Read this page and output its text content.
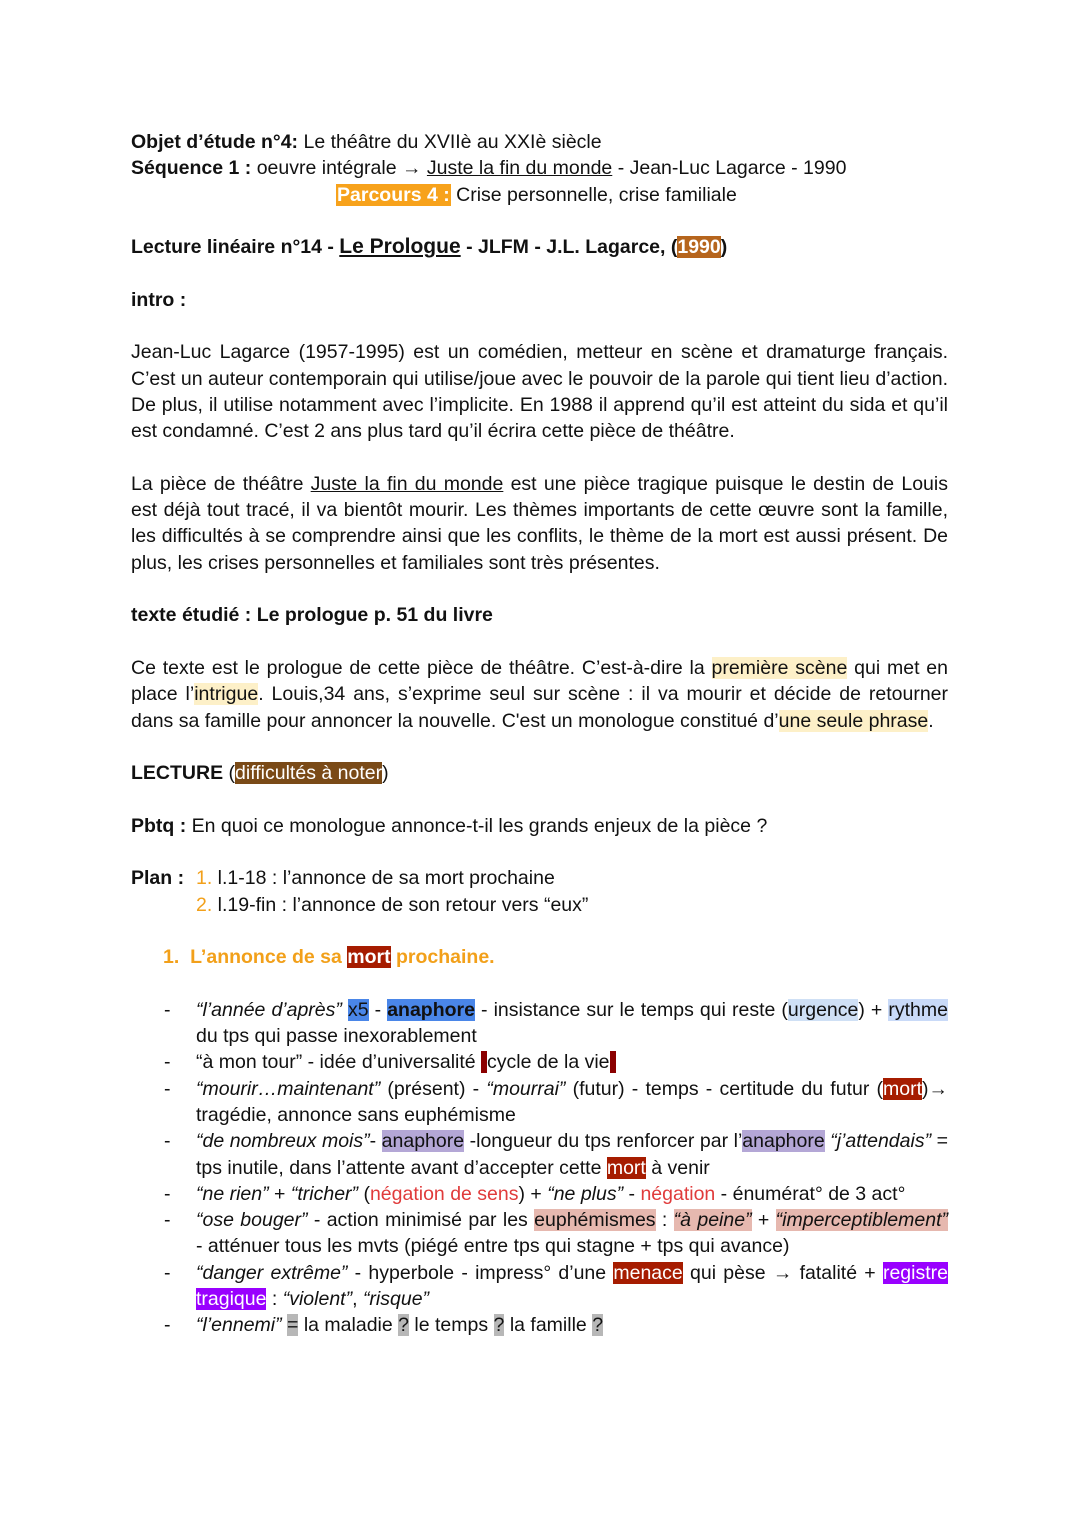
Objet d’étude n°4: Le théâtre du XVIIè au XXIè siècle

Séquence 1 : oeuvre intégrale → Juste la fin du monde - Jean-Luc Lagarce - 1990

Parcours 4 : Crise personnelle, crise familiale

Lecture linéaire n°14 - Le Prologue - JLFM - J.L. Lagarce, (1990)

intro :

Jean-Luc Lagarce (1957-1995) est un comédien, metteur en scène et dramaturge français. C’est un auteur contemporain qui utilise/joue avec le pouvoir de la parole qui tient lieu d’action. De plus, il utilise notamment avec l’implicite. En 1988 il apprend qu’il est atteint du sida et qu’il est condamné. C’est 2 ans plus tard qu’il écrira cette pièce de théâtre.

La pièce de théâtre Juste la fin du monde est une pièce tragique puisque le destin de Louis est déjà tout tracé, il va bientôt mourir. Les thèmes importants de cette œuvre sont la famille, les difficultés à se comprendre ainsi que les conflits, le thème de la mort est aussi présent. De plus, les crises personnelles et familiales sont très présentes.

texte étudié : Le prologue p. 51 du livre

Ce texte est le prologue de cette pièce de théâtre. C’est-à-dire la première scène qui met en place l’intrigue. Louis,34 ans, s’exprime seul sur scène : il va mourir et décide de retourner dans sa famille pour annoncer la nouvelle. C'est un monologue constitué d’une seule phrase.

LECTURE (difficultés à noter)

Pbtq : En quoi ce monologue annonce-t-il les grands enjeux de la pièce ?

Plan : 1. l.1-18 : l’annonce de sa mort prochaine

2. l.19-fin : l’annonce de son retour vers “eux”

1.  L’annonce de sa mort prochaine.

- “l’année d’après” x5 - anaphore - insistance sur le temps qui reste (urgence) + rythme du tps qui passe inexorablement
- “à mon tour” - idée d’universalité cycle de la vie
- “mourir…maintenant” (présent) - “mourrai” (futur) - temps - certitude du futur (mort)→ tragédie, annonce sans euphémisme
- “de nombreux mois”- anaphore -longueur du tps renforcer par l’anaphore “j’attendais” = tps inutile, dans l’attente avant d’accepter cette mort à venir
- “ne rien” + “tricher” (négation de sens) + “ne plus” - négation - énumérat° de 3 act°
- “ose bouger” - action minimisé par les euphémismes : “à peine” + “imperceptiblement” - atténuer tous les mvts (piégé entre tps qui stagne + tps qui avance)
- “danger extrême” - hyperbole - impress° d’une menace qui pèse → fatalité + registre tragique : “violent”, “risque”
- “l’ennemi” = la maladie ? le temps ? la famille ?
